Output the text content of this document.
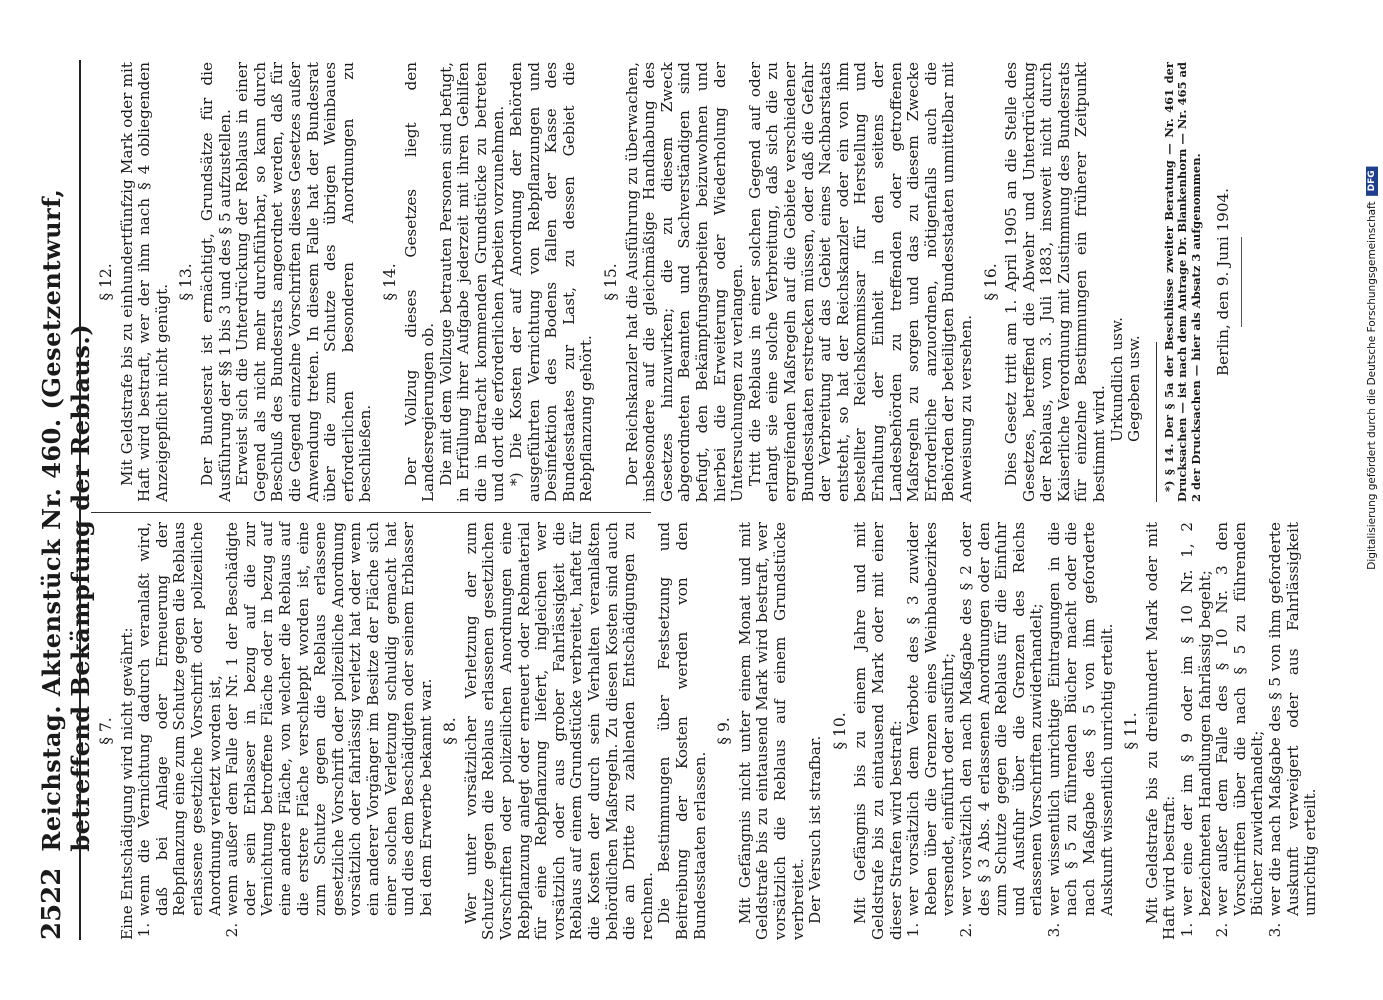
2522
Reichstag. Aktenstück Nr. 460. (Gesetzentwurf, betreffend Bekämpfung der Reblaus.) § 7. Eine Entschädigung wird nicht gewährt: 1. wenn die Vernichtung dadurch veranlaßt wird, daß bei Anlage oder Erneuerung der Rebpflanzung eine zum Schutze gegen die Reblaus erlassene gesetzliche Vorschrift oder polizeiliche Anordnung verletzt worden ist, 2. wenn außer dem Falle der Nr. 1 der Beschädigte oder sein Erblasser in bezug auf die zur Vernichtung betroffene Fläche oder in bezug auf eine andere Fläche, von welcher die Reblaus auf die erstere Fläche verschleppt worden ist, eine zum Schutze gegen die Reblaus erlassene gesetzliche Vorschrift oder polizeiliche Anordnung vorsätzlich oder fahrlässig verletzt hat oder wenn ein anderer Vorgänger im Besitze der Fläche sich einer solchen Verletzung schuldig gemacht hat und dies dem Beschädigten oder seinem Erblasser bei dem Erwerbe bekannt war. § 8. Wer unter vorsätzlicher Verletzung der zum Schutze gegen die Reblaus erlassenen gesetzlichen Vorschriften oder polizeilichen Anordnungen eine Rebpflanzung anlegt oder erneuert oder Rebmaterial für eine Rebpflanzung liefert, ingleichen wer vorsätzlich oder aus grober Fahrlässigkeit die Reblaus auf einem Grundstücke verbreitet, haftet für die Kosten der durch sein Verhalten veranlaßten behördlichen Maßregeln. Zu diesen Kosten sind auch die an Dritte zu zahlenden Entschädigungen zu rechnen. Die Bestimmungen über Festsetzung und Beitreibung der Kosten werden von den Bundesstaaten erlassen.

§ 9. Mit Gefängnis nicht unter einem Monat und mit Geldstrafe bis zu eintausend Mark wird bestraft, wer vorsätzlich die Reblaus auf einem Grundstücke verbreitet. Der Versuch ist strafbar.

§ 10. Mit Gefängnis bis zu einem Jahre und mit Geldstrafe bis zu eintausend Mark oder mit einer dieser Strafen wird bestraft: 1. wer vorsätzlich dem Verbote des § 3 zuwider Reben über die Grenzen eines Weinbaubezirkes versendet, einführt oder ausführt; 2. wer vorsätzlich den nach Maßgabe des § 2 oder des § 3 Abs. 4 erlassenen Anordnungen oder den zum Schutze gegen die Reblaus für die Einfuhr und Ausfuhr über die Grenzen des Reichs erlassenen Vorschriften zuwiderhandelt; 3. wer wissentlich unrichtige Eintragungen in die nach § 5 zu führenden Bücher macht oder die nach Maßgabe des § 5 von ihm geforderte Auskunft wissentlich unrichtig erteilt. § 11. Mit Geldstrafe bis zu dreihundert Mark oder mit Haft wird bestraft: 1. wer eine der im § 9 oder im § 10 Nr. 1, 2 bezeichneten Handlungen fahrlässig begeht; 2. wer außer dem Falle des § 10 Nr. 3 den Vorschriften über die nach § 5 zu führenden Bücher zuwiderhandelt; 3. wer die nach Maßgabe des § 5 von ihm geforderte Auskunft verweigert oder aus Fahrlässigkeit unrichtig erteilt.
§ 12. Mit Geldstrafe bis zu einhundertfünfzig Mark oder mit Haft wird bestraft, wer der ihm nach § 4 obliegenden Anzeigepflicht nicht genügt.

§ 13. Der Bundesrat ist ermächtigt, Grundsätze für die Ausführung der §§ 1 bis 3 und des § 5 aufzustellen. Erweist sich die Unterdrückung der Reblaus in einer Gegend als nicht mehr durchführbar, so kann durch Beschluß des Bundesrats angeordnet werden, daß für die Gegend einzelne Vorschriften dieses Gesetzes außer Anwendung treten. In diesem Falle hat der Bundesrat über die zum Schutze des übrigen Weinbaues erforderlichen besonderen Anordnungen zu beschließen.

§ 14. Der Vollzug dieses Gesetzes liegt den Landesregierungen ob. Die mit dem Vollzuge betrauten Personen sind befugt, in Erfüllung ihrer Aufgabe jederzeit mit ihren Gehilfen die in Betracht kommenden Grundstücke zu betreten und dort die erforderlichen Arbeiten vorzunehmen. *) Die Kosten der auf Anordnung der Behörden ausgeführten Vernichtung von Rebpflanzungen und Desinfektion des Bodens fallen der Kasse des Bundesstaates zur Last, zu dessen Gebiet die Rebpflanzung gehört.

§ 15. Der Reichskanzler hat die Ausführung zu überwachen, insbesondere auf die gleichmäßige Handhabung des Gesetzes hinzuwirken; die zu diesem Zweck abgeordneten Beamten und Sachverständigen sind befugt, den Bekämpfungsarbeiten beizuwohnen und hierbei die Erweiterung oder Wiederholung der Untersuchungen zu verlangen. Tritt die Reblaus in einer solchen Gegend auf oder erlangt sie eine solche Verbreitung, daß sich die zu ergreifenden Maßregeln auf die Gebiete verschiedener Bundesstaaten erstrecken müssen, oder daß die Gefahr der Verbreitung auf das Gebiet eines Nachbarstaats entsteht, so hat der Reichskanzler oder ein von ihm bestellter Reichskommissar für Herstellung und Erhaltung der Einheit in den seitens der Landesbehörden zu treffenden oder getroffenen Maßregeln zu sorgen und das zu diesem Zwecke Erforderliche anzuordnen, nötigenfalls auch die Behörden der beteiligten Bundesstaaten unmittelbar mit Anweisung zu versehen.

§ 16. Dies Gesetz tritt am 1. April 1905 an die Stelle des Gesetzes, betreffend die Abwehr und Unterdrückung der Reblaus, vom 3. Juli 1883, insoweit nicht durch Kaiserliche Verordnung mit Zustimmung des Bundesrats für einzelne Bestimmungen ein früherer Zeitpunkt bestimmt wird.

Urkundlich usw. Gegeben usw. *) § 14. Der § 5a der Beschlüsse zweiter Beratung — Nr. 461 der Drucksachen — ist nach dem Antrage Dr. Blankenhorn — Nr. 465 ad 2 der Drucksachen — hier als Absatz 3 aufgenommen. Berlin, den 9. Juni 1904.	Digitalisierung gefördert durch die Deutsche Forschungsgemeinschaft
DFG
